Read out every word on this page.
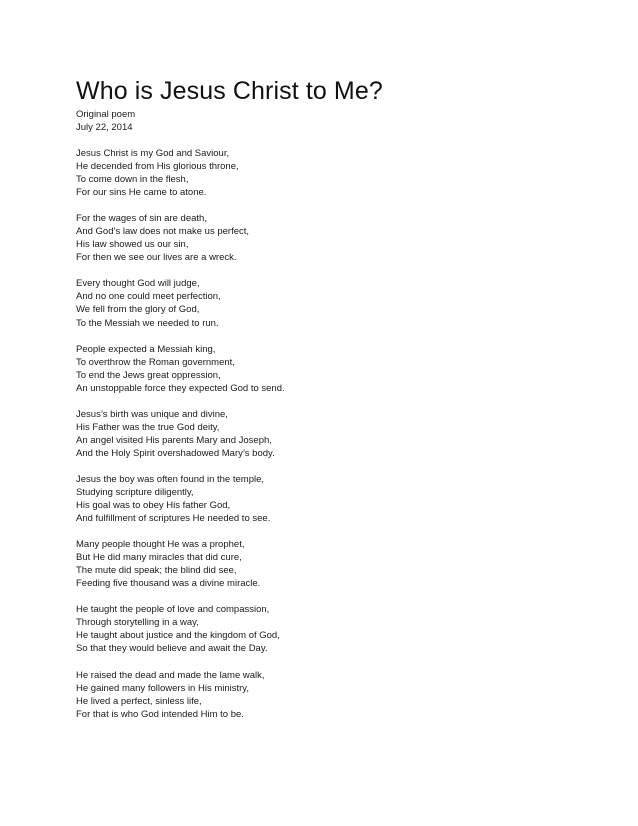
Who is Jesus Christ to Me?

Original poem

July 22, 2014

Jesus Christ is my God and Saviour,
He decended from His glorious throne,
To come down in the flesh,
For our sins He came to atone.
For the wages of sin are death,
And God’s law does not make us perfect,
His law showed us our sin,
For then we see our lives are a wreck.
Every thought God will judge,
And no one could meet perfection,
We fell from the glory of God,
To the Messiah we needed to run.
People expected a Messiah king,
To overthrow the Roman government,
To end the Jews great oppression,
An unstoppable force they expected God to send.
Jesus’s birth was unique and divine,
His Father was the true God deity,
An angel visited His parents Mary and Joseph,
And the Holy Spirit overshadowed Mary’s body.
Jesus the boy was often found in the temple,
Studying scripture diligently,
His goal was to obey His father God,
And fulfillment of scriptures He needed to see.
Many people thought He was a prophet,
But He did many miracles that did cure,
The mute did speak; the blind did see,
Feeding five thousand was a divine miracle.
He taught the people of love and compassion,
Through storytelling in a way,
He taught about justice and the kingdom of God,
So that they would believe and await the Day.
He raised the dead and made the lame walk,
He gained many followers in His ministry,
He lived a perfect, sinless life,
For that is who God intended Him to be.
